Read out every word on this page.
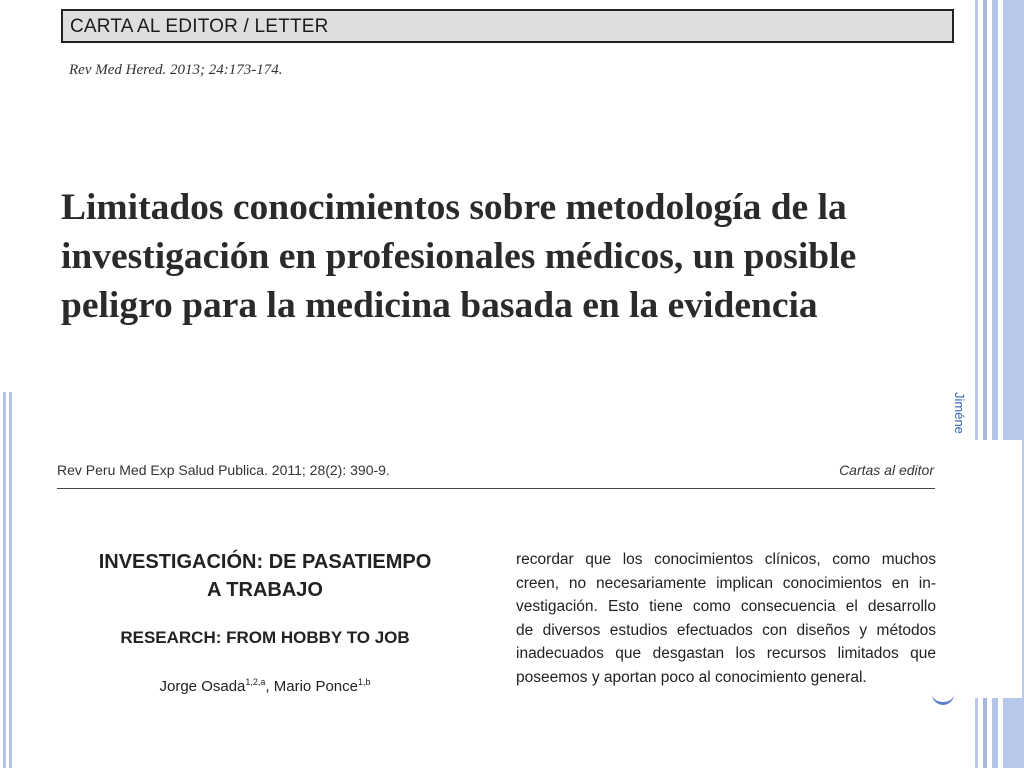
Jiméne
CARTA AL EDITOR / LETTER
Rev Med Hered. 2013; 24:173-174.
Limitados conocimientos sobre metodología de la investigación en profesionales médicos, un posible peligro para la medicina basada en la evidencia
Rev Peru Med Exp Salud Publica. 2011; 28(2): 390-9.	Cartas al editor
INVESTIGACIÓN: DE PASATIEMPO
A TRABAJO
RESEARCH: FROM HOBBY TO JOB
Jorge Osada$^{1,2,a}$, Mario Ponce$^{1,b}$
recordar que los conocimientos clínicos, como muchos
creen, no necesariamente implican conocimientos en in-
vestigación. Esto tiene como consecuencia el desarrollo
de diversos estudios efectuados con diseños y métodos
inadecuados que desgastan los recursos limitados que
poseemos y aportan poco al conocimiento general.
